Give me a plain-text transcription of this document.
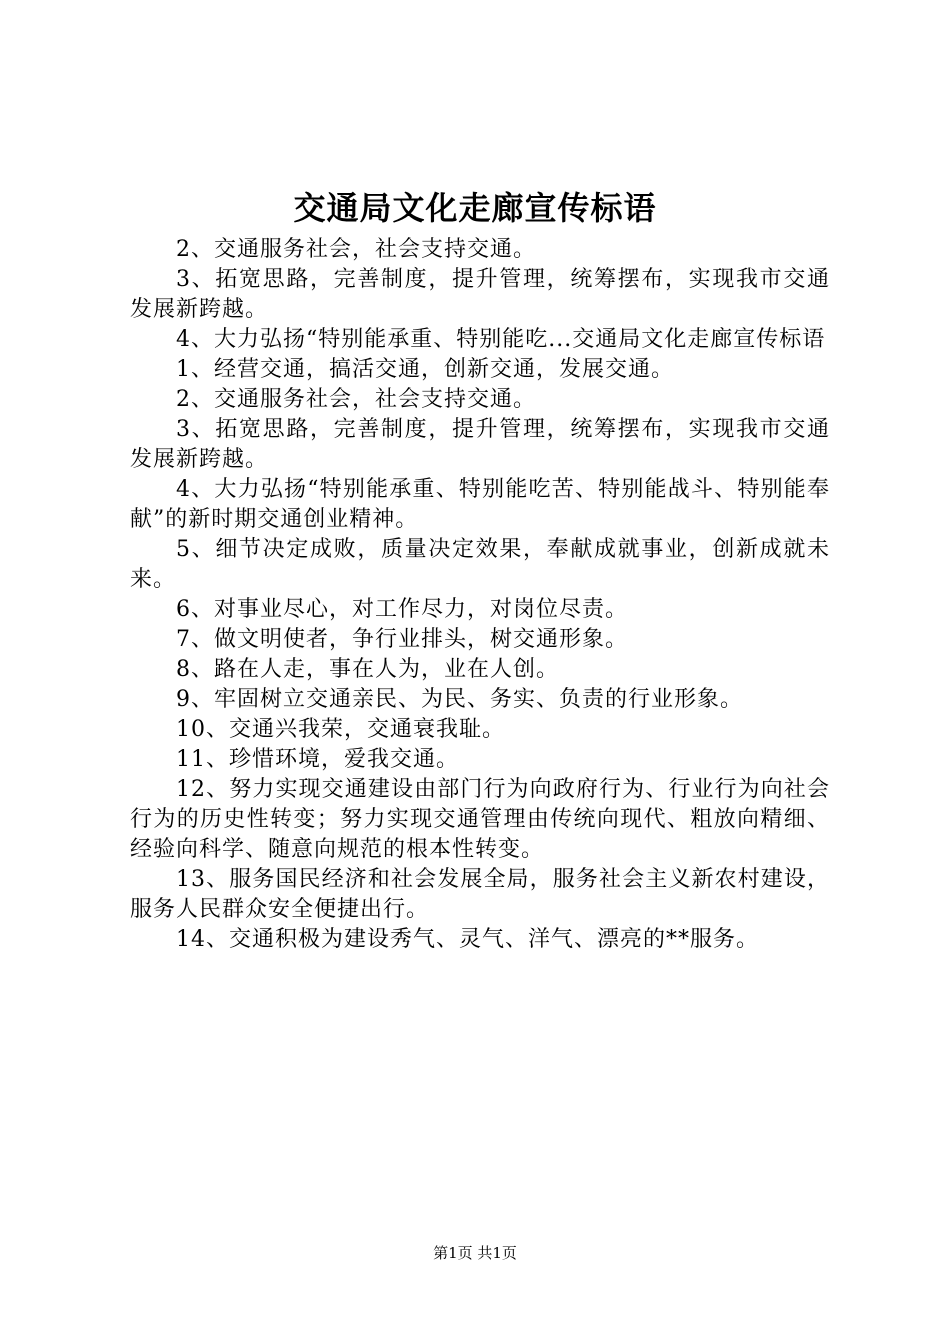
交通局文化走廊宣传标语

2、交通服务社会，社会支持交通。

3、拓宽思路，完善制度，提升管理，统筹摆布，实现我市交通发展新跨越。

4、大力弘扬“特别能承重、特别能吃...交通局文化走廊宣传标语

1、经营交通，搞活交通，创新交通，发展交通。

2、交通服务社会，社会支持交通。

3、拓宽思路，完善制度，提升管理，统筹摆布，实现我市交通发展新跨越。

4、大力弘扬“特别能承重、特别能吃苦、特别能战斗、特别能奉献”的新时期交通创业精神。

5、细节决定成败，质量决定效果，奉献成就事业，创新成就未来。

6、对事业尽心，对工作尽力，对岗位尽责。

7、做文明使者，争行业排头，树交通形象。

8、路在人走，事在人为，业在人创。

9、牢固树立交通亲民、为民、务实、负责的行业形象。

10、交通兴我荣，交通衰我耻。

11、珍惜环境，爱我交通。

12、努力实现交通建设由部门行为向政府行为、行业行为向社会行为的历史性转变；努力实现交通管理由传统向现代、粗放向精细、经验向科学、随意向规范的根本性转变。

13、服务国民经济和社会发展全局，服务社会主义新农村建设，服务人民群众安全便捷出行。

14、交通积极为建设秀气、灵气、洋气、漂亮的**服务。

第1页 共1页
